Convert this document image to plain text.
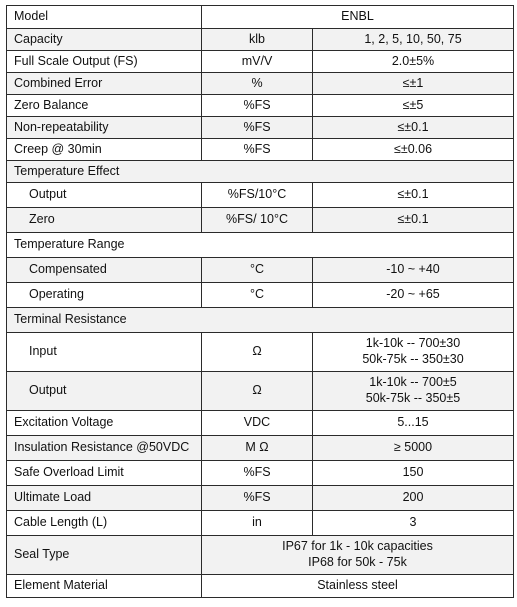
Model	ENBL	
Capacity	klb	1, 2, 5, 10, 50, 75

Full Scale Output (FS)	mV/V	2.0±5%

Combined Error	%	≤±1

Zero Balance	%FS	≤±5

Non-repeatability	%FS	≤±0.1

Creep @ 30min	%FS	≤±0.06

Temperature Effect		
Output	%FS/10°C	≤±0.1

Zero	%FS/ 10°C	≤±0.1

Temperature Range		
Compensated	°C	-10 ~ +40

Operating	°C	-20 ~ +65

Terminal Resistance		
Input	Ω	1k-10k -- 700±30
50k-75k -- 350±30

Output	Ω	1k-10k -- 700±5
50k-75k -- 350±5

Excitation Voltage	VDC	5...15

Insulation Resistance @50VDC	M Ω	≥ 5000

Safe Overload Limit	%FS	150

Ultimate Load	%FS	200

Cable Length (L)	in	3

Seal Type	IP67 for 1k - 10k capacities
IP68 for 50k - 75k	

Element Material	Stainless steel	
